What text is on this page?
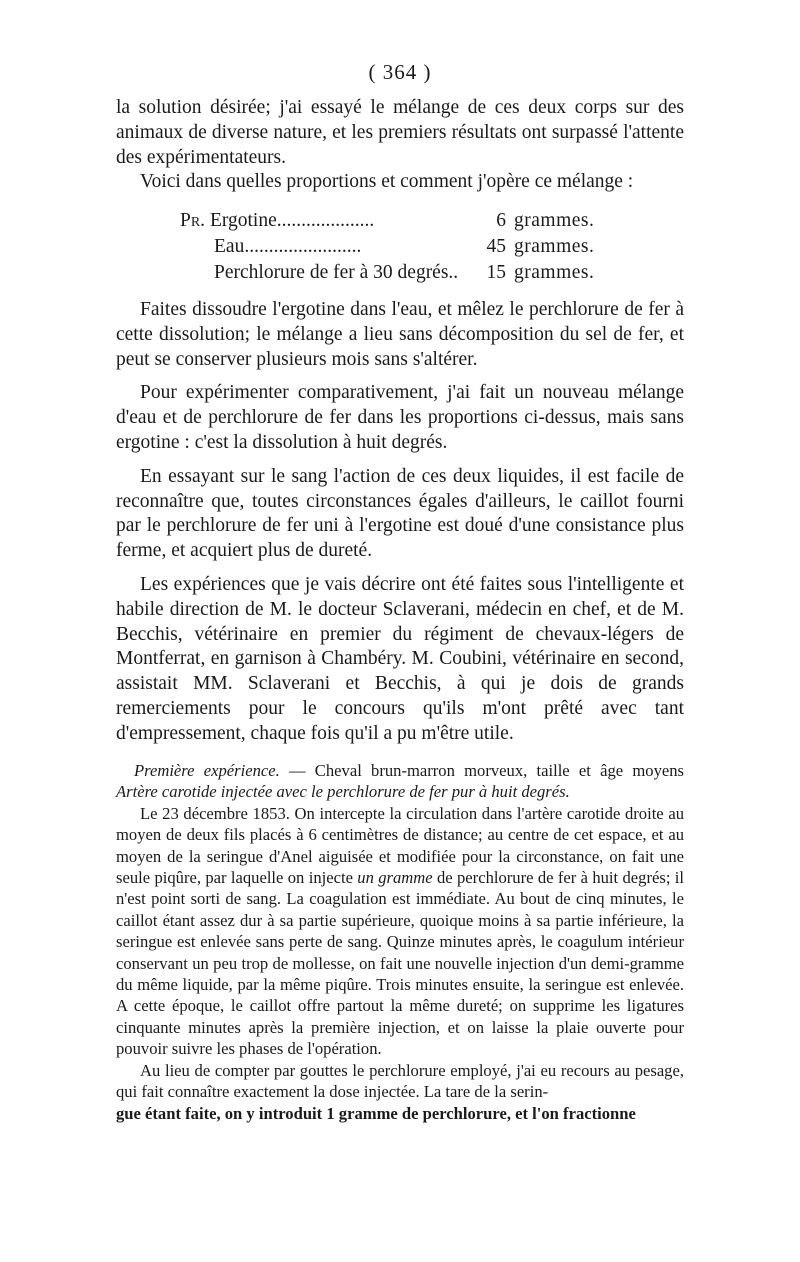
( 364 )

la solution désirée; j'ai essayé le mélange de ces deux corps sur des animaux de diverse nature, et les premiers résultats ont surpassé l'attente des expérimentateurs.

Voici dans quelles proportions et comment j'opère ce mélange :

Pr. Ergotine....................	6 grammes.
Eau........................	45 grammes.
Perchlorure de fer à 30 degrés..	15 grammes.

Faites dissoudre l'ergotine dans l'eau, et mêlez le perchlorure de fer à cette dissolution; le mélange a lieu sans décomposition du sel de fer, et peut se conserver plusieurs mois sans s'altérer.

Pour expérimenter comparativement, j'ai fait un nouveau mélange d'eau et de perchlorure de fer dans les proportions ci-dessus, mais sans ergotine : c'est la dissolution à huit degrés.

En essayant sur le sang l'action de ces deux liquides, il est facile de reconnaître que, toutes circonstances égales d'ailleurs, le caillot fourni par le perchlorure de fer uni à l'ergotine est doué d'une consistance plus ferme, et acquiert plus de dureté.

Les expériences que je vais décrire ont été faites sous l'intelligente et habile direction de M. le docteur Sclaverani, médecin en chef, et de M. Becchis, vétérinaire en premier du régiment de chevaux-légers de Montferrat, en garnison à Chambéry. M. Coubini, vétérinaire en second, assistait MM. Sclaverani et Becchis, à qui je dois de grands remerciements pour le concours qu'ils m'ont prêté avec tant d'empressement, chaque fois qu'il a pu m'être utile.

Première expérience. — Cheval brun-marron morveux, taille et âge moyens Artère carotide injectée avec le perchlorure de fer pur à huit degrés.

Le 23 décembre 1853. On intercepte la circulation dans l'artère carotide droite au moyen de deux fils placés à 6 centimètres de distance; au centre de cet espace, et au moyen de la seringue d'Anel aiguisée et modifiée pour la circonstance, on fait une seule piqûre, par laquelle on injecte un gramme de perchlorure de fer à huit degrés; il n'est point sorti de sang. La coagulation est immédiate. Au bout de cinq minutes, le caillot étant assez dur à sa partie supérieure, quoique moins à sa partie inférieure, la seringue est enlevée sans perte de sang. Quinze minutes après, le coagulum intérieur conservant un peu trop de mollesse, on fait une nouvelle injection d'un demi-gramme du même liquide, par la même piqûre. Trois minutes ensuite, la seringue est enlevée. A cette époque, le caillot offre partout la même dureté; on supprime les ligatures cinquante minutes après la première injection, et on laisse la plaie ouverte pour pouvoir suivre les phases de l'opération.

Au lieu de compter par gouttes le perchlorure employé, j'ai eu recours au pesage, qui fait connaître exactement la dose injectée. La tare de la serin-

gue étant faite, on y introduit 1 gramme de perchlorure, et l'on fractionne
